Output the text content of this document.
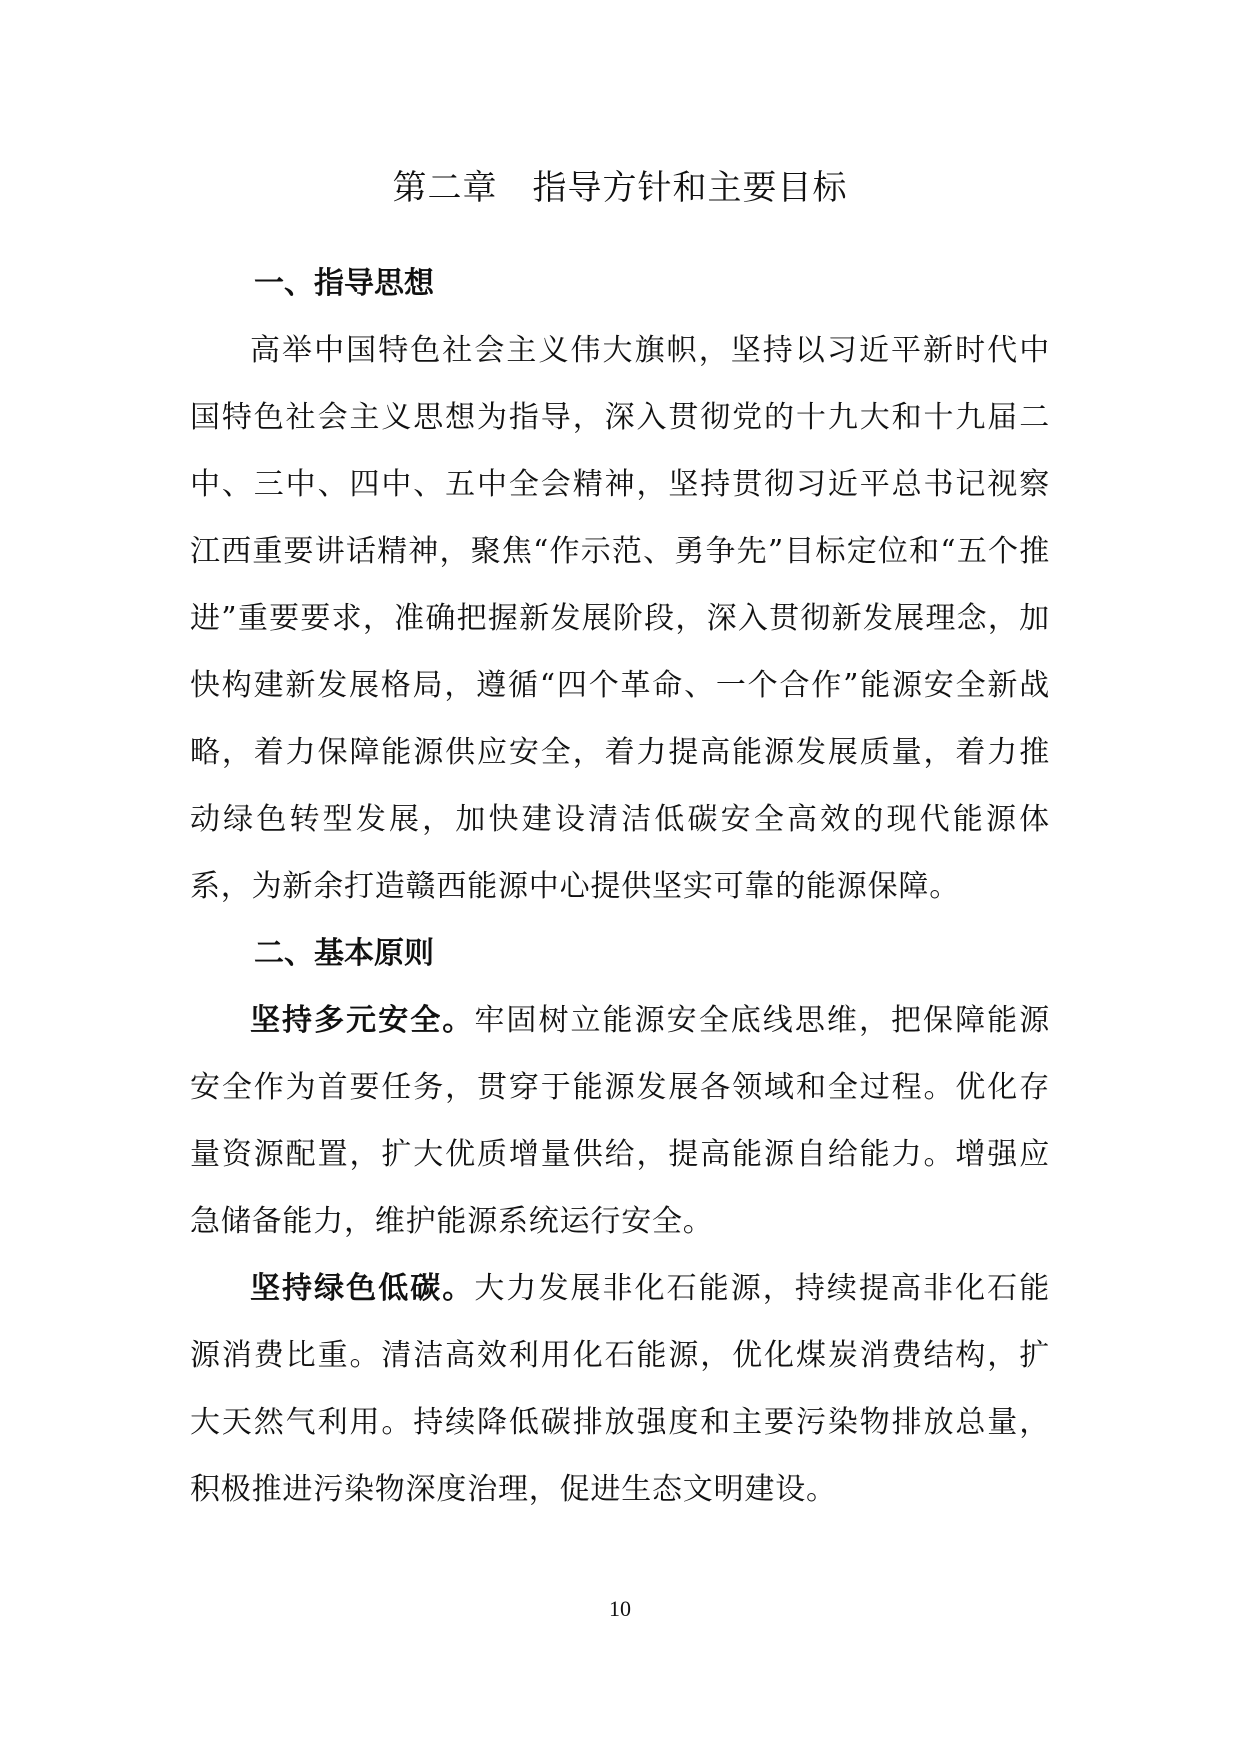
第二章　指导方针和主要目标

一、指导思想

高举中国特色社会主义伟大旗帜，坚持以习近平新时代中国特色社会主义思想为指导，深入贯彻党的十九大和十九届二中、三中、四中、五中全会精神，坚持贯彻习近平总书记视察江西重要讲话精神，聚焦“作示范、勇争先”目标定位和“五个推进”重要要求，准确把握新发展阶段，深入贯彻新发展理念，加快构建新发展格局，遵循“四个革命、一个合作”能源安全新战略，着力保障能源供应安全，着力提高能源发展质量，着力推动绿色转型发展，加快建设清洁低碳安全高效的现代能源体系，为新余打造赣西能源中心提供坚实可靠的能源保障。

二、基本原则

坚持多元安全。牢固树立能源安全底线思维，把保障能源安全作为首要任务，贯穿于能源发展各领域和全过程。优化存量资源配置，扩大优质增量供给，提高能源自给能力。增强应急储备能力，维护能源系统运行安全。

坚持绿色低碳。大力发展非化石能源，持续提高非化石能源消费比重。清洁高效利用化石能源，优化煤炭消费结构，扩大天然气利用。持续降低碳排放强度和主要污染物排放总量，积极推进污染物深度治理，促进生态文明建设。

10
